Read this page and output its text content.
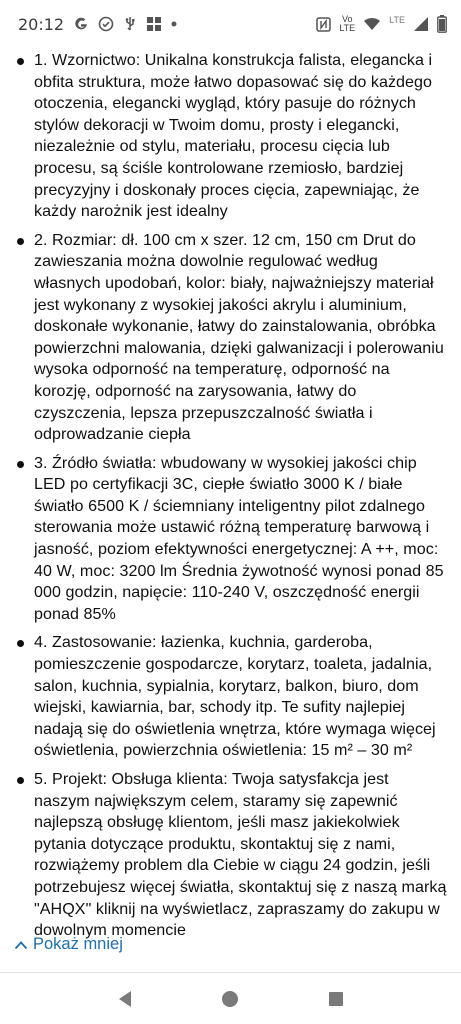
20:12	Vo
LTE
LTE
1. Wzornictwo: Unikalna konstrukcja falista, elegancka i obfita struktura, może łatwo dopasować się do każdego otoczenia, elegancki wygląd, który pasuje do różnych stylów dekoracji w Twoim domu, prosty i elegancki, niezależnie od stylu, materiału, procesu cięcia lub procesu, są ściśle kontrolowane rzemiosło, bardziej precyzyjny i doskonały proces cięcia, zapewniając, że każdy narożnik jest idealny
2. Rozmiar: dł. 100 cm x szer. 12 cm, 150 cm Drut do zawieszania można dowolnie regulować według własnych upodobań, kolor: biały, najważniejszy materiał jest wykonany z wysokiej jakości akrylu i aluminium, doskonałe wykonanie, łatwy do zainstalowania, obróbka powierzchni malowania, dzięki galwanizacji i polerowaniu wysoka odporność na temperaturę, odporność na korozję, odporność na zarysowania, łatwy do czyszczenia, lepsza przepuszczalność światła i odprowadzanie ciepła
3. Źródło światła: wbudowany w wysokiej jakości chip LED po certyfikacji 3C, ciepłe światło 3000 K / białe światło 6500 K / ściemniany inteligentny pilot zdalnego sterowania może ustawić różną temperaturę barwową i jasność, poziom efektywności energetycznej: A ++, moc: 40 W, moc: 3200 lm Średnia żywotność wynosi ponad 85 000 godzin, napięcie: 110-240 V, oszczędność energii ponad 85%
4. Zastosowanie: łazienka, kuchnia, garderoba, pomieszczenie gospodarcze, korytarz, toaleta, jadalnia, salon, kuchnia, sypialnia, korytarz, balkon, biuro, dom wiejski, kawiarnia, bar, schody itp. Te sufity najlepiej nadają się do oświetlenia wnętrza, które wymaga więcej oświetlenia, powierzchnia oświetlenia: 15 m² – 30 m²
5. Projekt: Obsługa klienta: Twoja satysfakcja jest naszym największym celem, staramy się zapewnić najlepszą obsługę klientom, jeśli masz jakiekolwiek pytania dotyczące produktu, skontaktuj się z nami, rozwiążemy problem dla Ciebie w ciągu 24 godzin, jeśli potrzebujesz więcej światła, skontaktuj się z naszą marką "AHQX" kliknij na wyświetlacz, zapraszamy do zakupu w dowolnym momencie
Pokaż mniej
